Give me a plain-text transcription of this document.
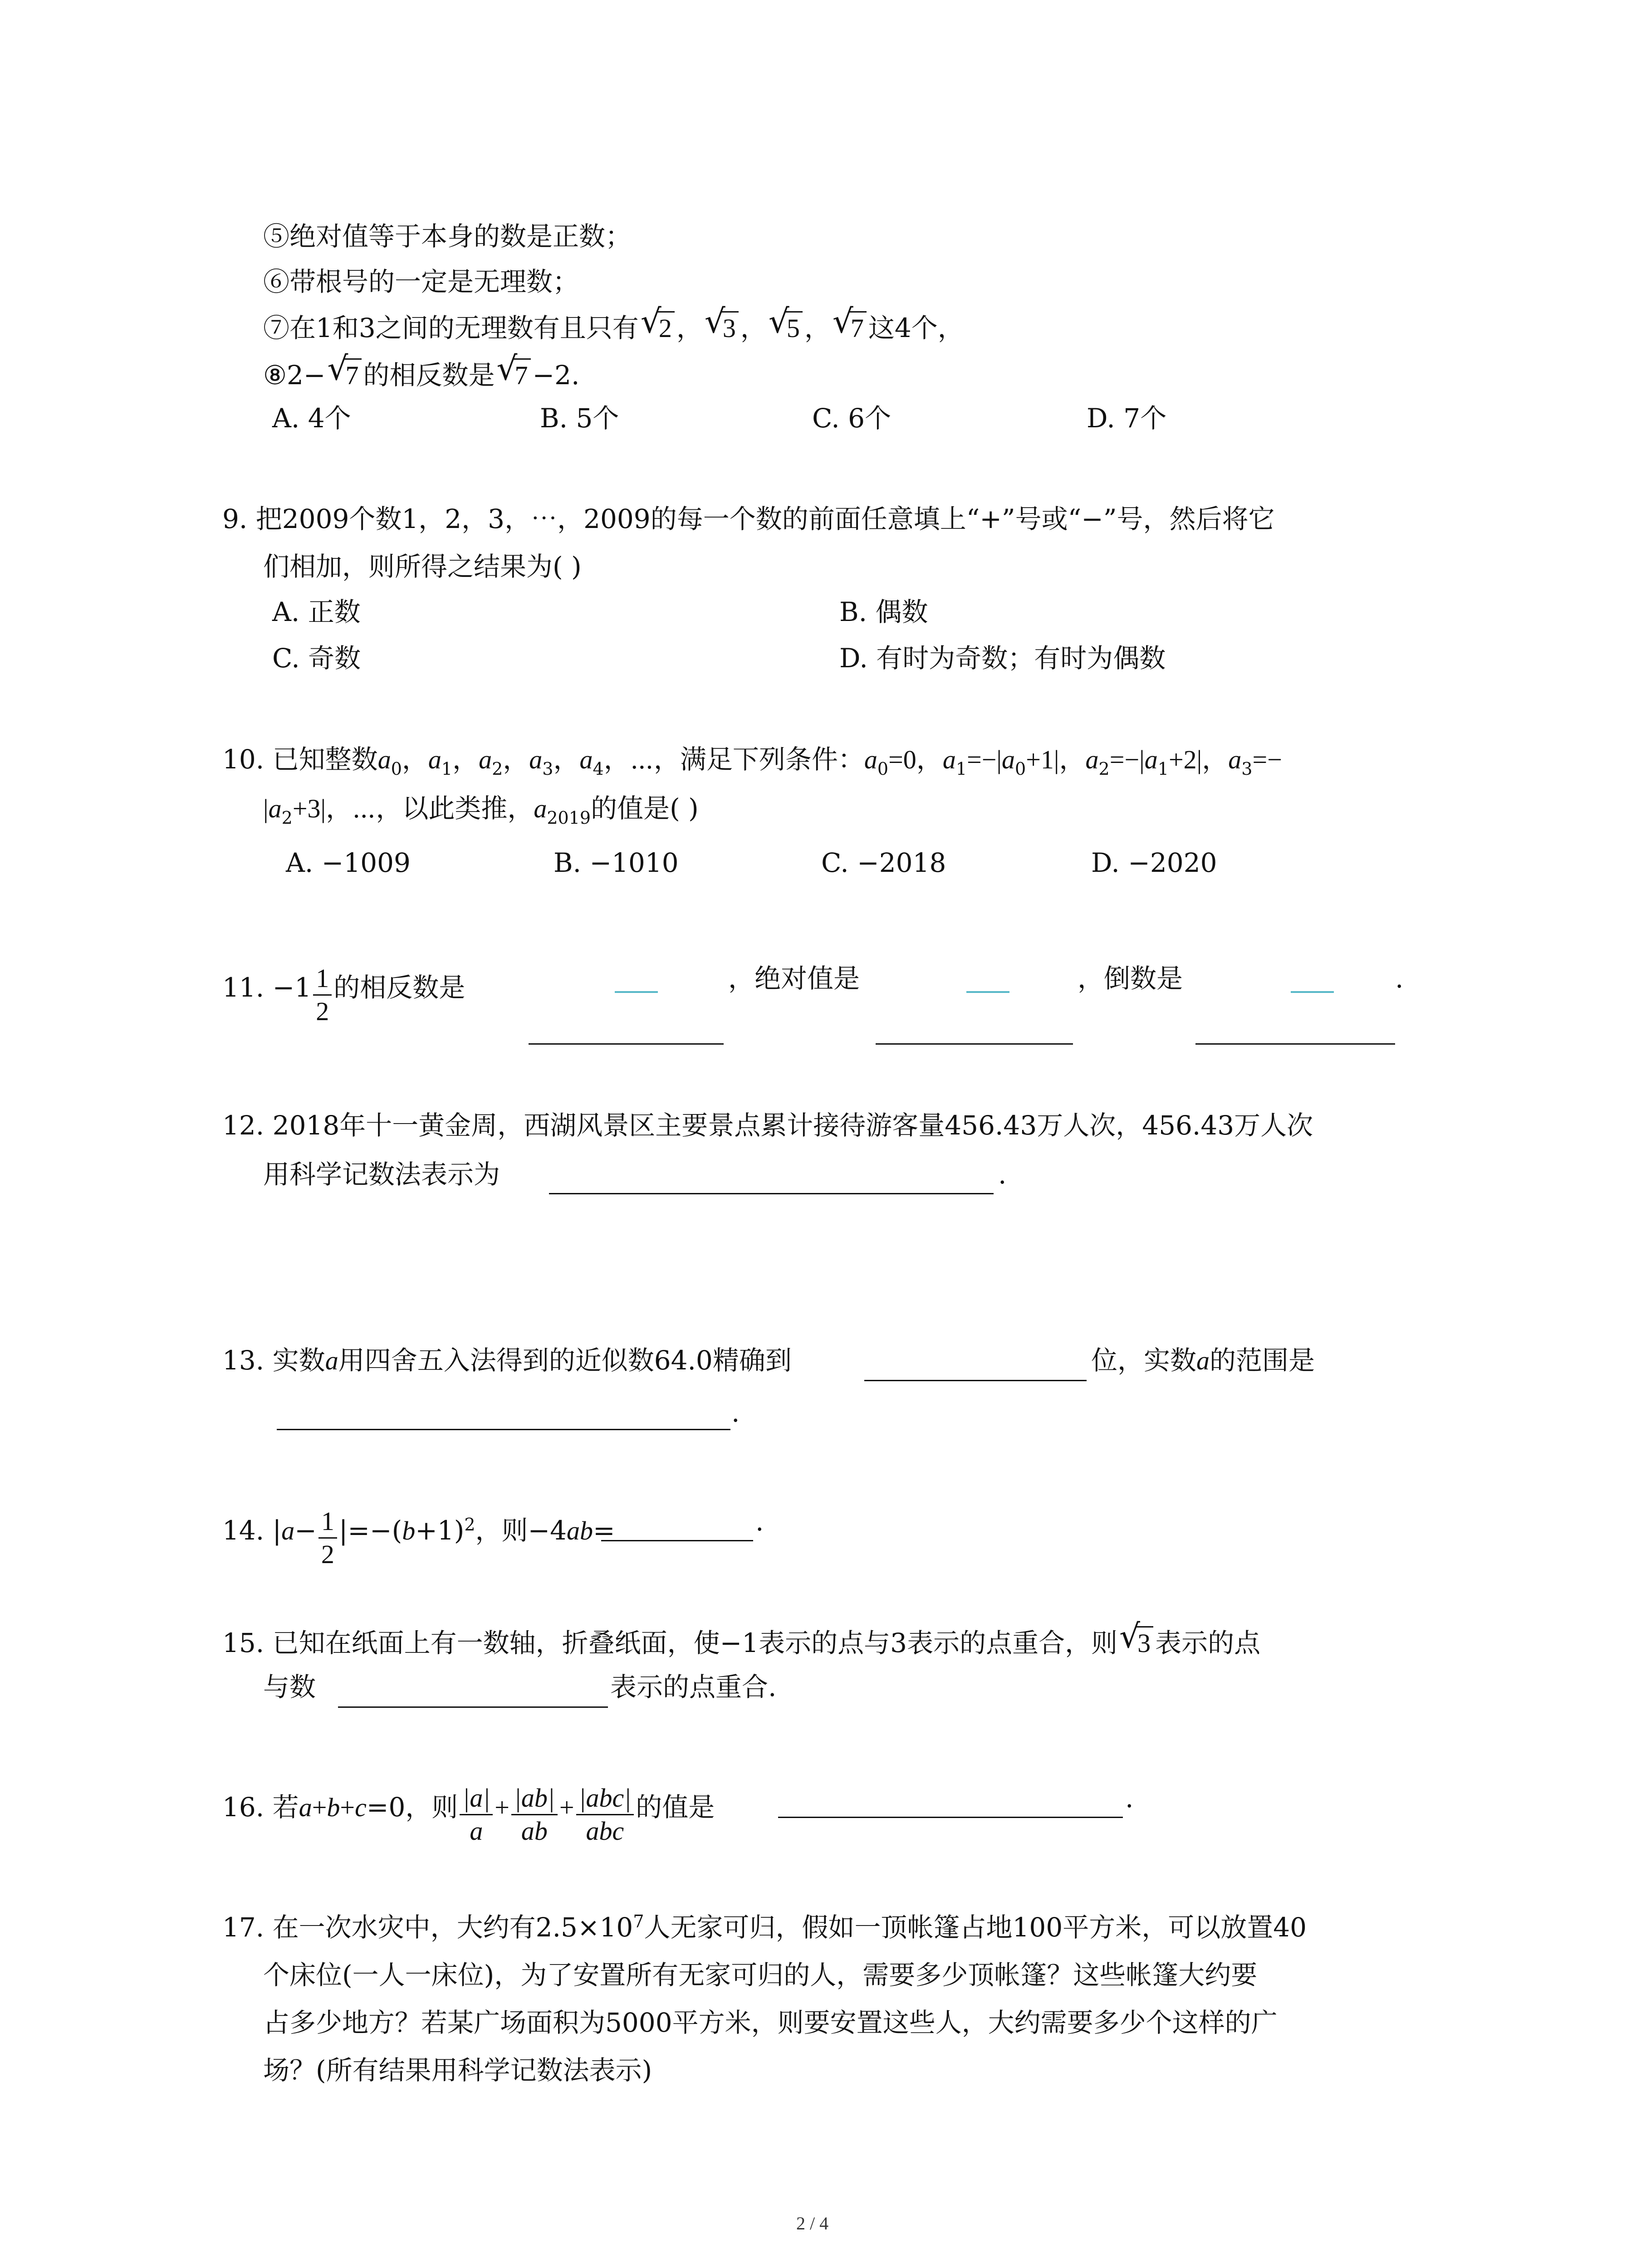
⑤绝对值等于本身的数是正数；
⑥带根号的一定是无理数；
⑦在1和3之间的无理数有且只有 √
2 ， √
3 ， √
5 ， √
7 这4个，
⑧2− √
7 的相反数是 √
7 −2.
A. 4个	B. 5个	C. 6个	D. 7个
9. 把2009个数1，2，3，⋯，2009的每一个数的前面任意填上“+”号或“−”号，然后将它
们相加，则所得之结果为( )
A. 正数	B. 偶数
C. 奇数	D. 有时为奇数；有时为偶数
10. 已知整数$a_0$，$a_1$，$a_2$，$a_3$，$a_4$，⋯，满足下列条件：$a_0=0$，$a_1=-|a_0+1|$，$a_2=-|a_1+2|$，$a_3=-$
$|a_2+3|$，⋯，以此类推，$a_{2019}$的值是( )
A. −1009	B. −1010	C. −2018	D. −2020
11. $-1 \frac{1}{2}$ 的相反数是	，绝对值是	，倒数是	.
12. 2018年十一黄金周，西湖风景区主要景点累计接待游客量456.43万人次，456.43万人次
用科学记数法表示为	.
13. 实数a用四舍五入法得到的近似数64.0精确到	位，实数a的范围是
.
14. $|a- \frac{1}{2} |=-(b+1)^2$，则−4ab=	.
15. 已知在纸面上有一数轴，折叠纸面，使−1表示的点与3表示的点重合，则 √
3 表示的点
与数	表示的点重合.
16. 若a+b+c=0，则 $\frac{|a|}{a} + \frac{|ab|}{ab} + \frac{\text{|abc|}}{\text{abc}}$ 的值是	.
17. 在一次水灾中，大约有$2.5\times 10^7$人无家可归，假如一顶帐篷占地100平方米，可以放置40
个床位(一人一床位)，为了安置所有无家可归的人，需要多少顶帐篷？这些帐篷大约要
占多少地方？若某广场面积为5000平方米，则要安置这些人，大约需要多少个这样的广
场？(所有结果用科学记数法表示)
2 / 4
